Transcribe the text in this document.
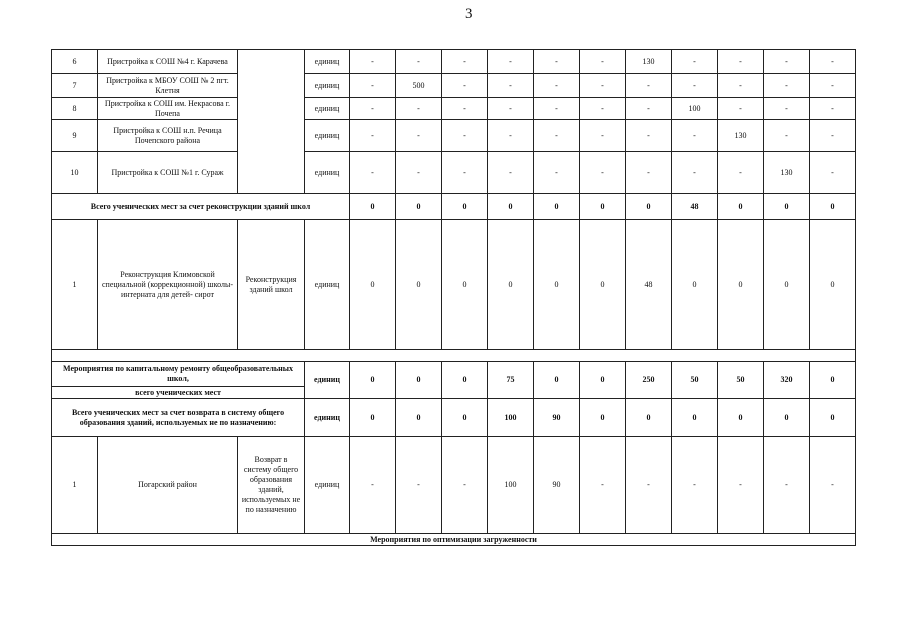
3
6	Пристройка к СОШ №4 г. Карачева		единиц	-	-	-	-	-	-	130	-	-	-	-	
7	Пристройка к МБОУ СОШ № 2 пгт. Клетня		единиц	-	500	-	-	-	-	-	-	-	-	-	
8	Пристройка к СОШ им. Некрасова г. Почепа		единиц	-	-	-	-	-	-	-	100	-	-	-	
9	Пристройка к СОШ н.п. Речица Почепского района		единиц	-	-	-	-	-	-	-	-	130	-	-	
10	Пристройка к СОШ №1 г. Сураж		единиц	-	-	-	-	-	-	-	-	-	130	-	
Всего ученических мест за счет реконструкции зданий школ				0	0	0	0	0	0	0	48	0	0	0	
1	Реконструкция Климовской специальной (коррекционной) школы-интерната для детей- сирот	Реконструкция зданий школ	единиц	0	0	0	0	0	0	48	0	0	0	0	

Мероприятия по капитальному ремонту общеобразовательных школ,			единиц	0	0	0	75	0	0	250	50	50	320	0	
всего ученических мест															
Всего ученических мест за счет возврата в систему общего образования зданий, используемых не по назначению:			единиц	0	0	0	100	90	0	0	0	0	0	0	
1	Погарский район	Возврат в систему общего образования зданий, используемых не по назначению	единиц	-	-	-	100	90	-	-	-	-	-	-	
Мероприятия по оптимизации загруженности															
